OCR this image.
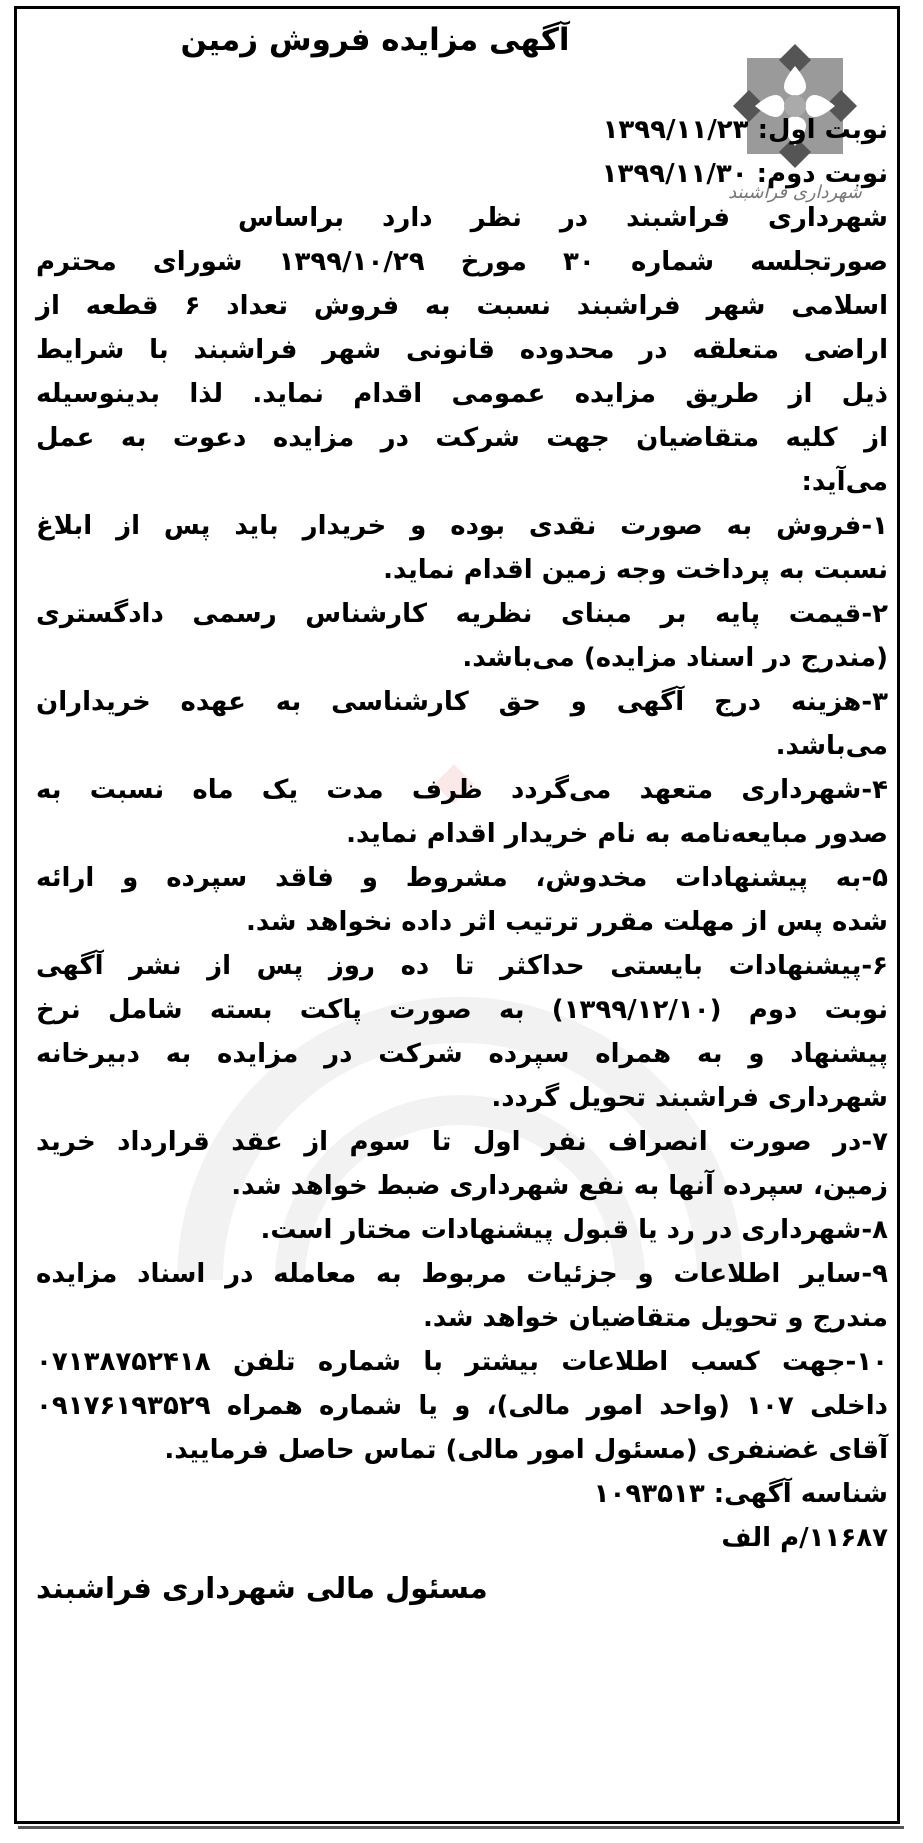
آگهی مزایده فروش زمین
شهرداری فراشبند
نوبت اول: ۱۳۹۹/۱۱/۲۳
نوبت دوم: ۱۳۹۹/۱۱/۳۰
شهرداری فراشبند در نظر دارد براساس
صورتجلسه شماره ۳۰ مورخ ۱۳۹۹/۱۰/۲۹ شورای محترم
اسلامی شهر فراشبند نسبت به فروش تعداد ۶ قطعه از
اراضی متعلقه در محدوده قانونی شهر فراشبند با شرایط
ذیل از طریق مزایده عمومی اقدام نماید. لذا بدینوسیله
از کلیه متقاضیان جهت شرکت در مزایده دعوت به عمل
می‌آید:
۱-فروش به صورت نقدی بوده و خریدار باید پس از ابلاغ
نسبت به پرداخت وجه زمین اقدام نماید.
۲-قیمت پایه بر مبنای نظریه کارشناس رسمی دادگستری
(مندرج در اسناد مزایده) می‌باشد.
۳-هزینه درج آگهی و حق کارشناسی به عهده خریداران
می‌باشد.
۴-شهرداری متعهد می‌گردد ظرف مدت یک ماه نسبت به
صدور مبایعه‌نامه به نام خریدار اقدام نماید.
۵-به پیشنهادات مخدوش، مشروط و فاقد سپرده و ارائه
شده پس از مهلت مقرر ترتیب اثر داده نخواهد شد.
۶-پیشنهادات بایستی حداکثر تا ده روز پس از نشر آگهی
نوبت دوم (۱۳۹۹/۱۲/۱۰) به صورت پاکت بسته شامل نرخ
پیشنهاد و به همراه سپرده شرکت در مزایده به دبیرخانه
شهرداری فراشبند تحویل گردد.
۷-در صورت انصراف نفر اول تا سوم از عقد قرارداد خرید
زمین، سپرده آنها به نفع شهرداری ضبط خواهد شد.
۸-شهرداری در رد یا قبول پیشنهادات مختار است.
۹-سایر اطلاعات و جزئیات مربوط به معامله در اسناد مزایده
مندرج و تحویل متقاضیان خواهد شد.
۱۰-جهت کسب اطلاعات بیشتر با شماره تلفن ۰۷۱۳۸۷۵۲۴۱۸
داخلی ۱۰۷ (واحد امور مالی)، و یا شماره همراه ۰۹۱۷۶۱۹۳۵۲۹
آقای غضنفری (مسئول امور مالی) تماس حاصل فرمایید.
شناسه آگهی: ۱۰۹۳۵۱۳
۱۱۶۸۷/م الف
مسئول مالی شهرداری فراشبند
